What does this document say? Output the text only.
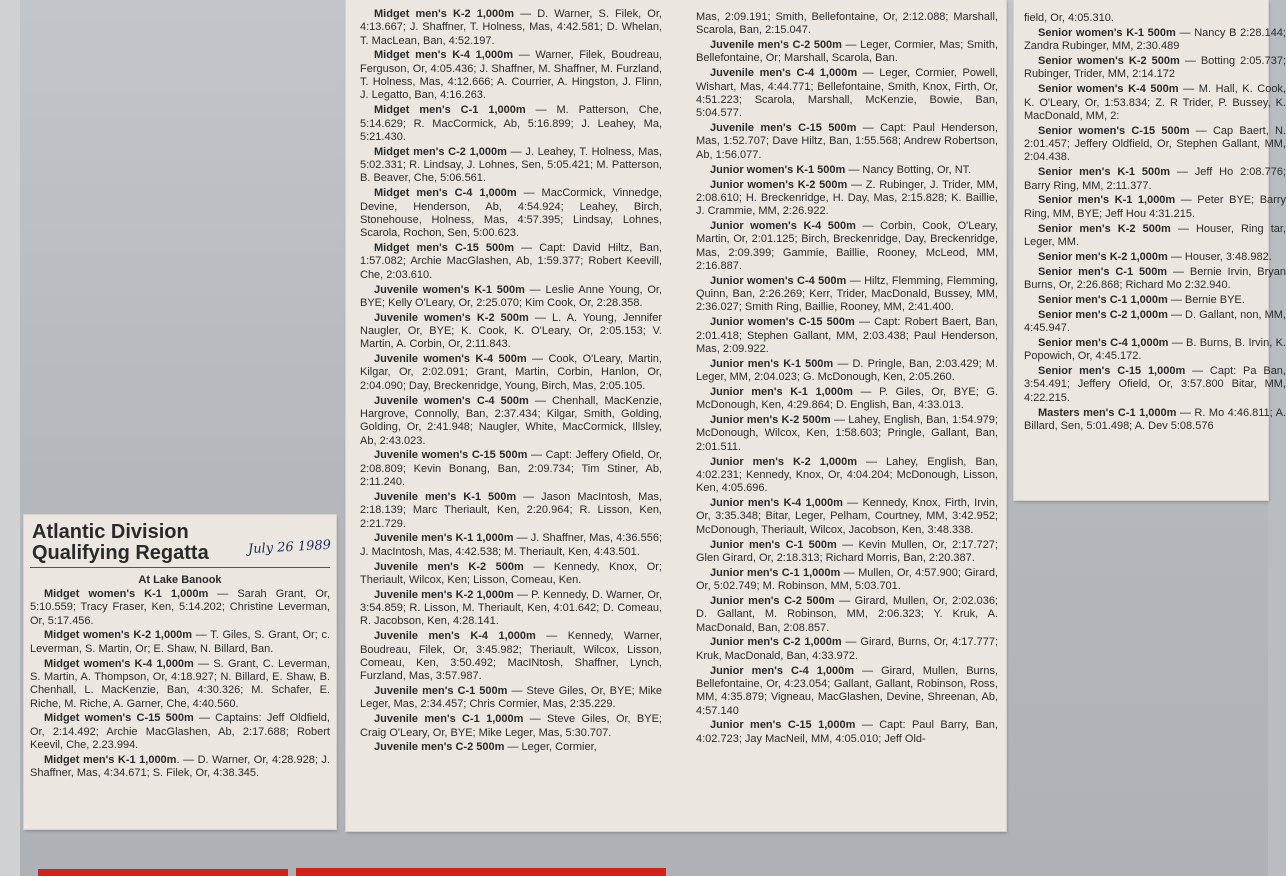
Atlantic Division
Qualifying Regatta	July 26 1989
At Lake Banook

Midget women's K-1 1,000m — Sarah Grant, Or, 5:10.559; Tracy Fraser, Ken, 5:14.202; Christine Leverman, Or, 5:17.456.

Midget women's K-2 1,000m — T. Giles, S. Grant, Or; c. Leverman, S. Martin, Or; E. Shaw, N. Billard, Ban.

Midget women's K-4 1,000m — S. Grant, C. Leverman, S. Martin, A. Thompson, Or, 4:18.927; N. Billard, E. Shaw, B. Chenhall, L. MacKenzie, Ban, 4:30.326; M. Schafer, E. Riche, M. Riche, A. Garner, Che, 4:40.560.

Midget women's C-15 500m — Captains: Jeff Oldfield, Or, 2:14.492; Archie MacGlashen, Ab, 2:17.688; Robert Keevil, Che, 2.23.994.

Midget men's K-1 1,000m. — D. Warner, Or, 4:28.928; J. Shaffner, Mas, 4:34.671; S. Filek, Or, 4:38.345.

Midget men's K-2 1,000m — D. Warner, S. Filek, Or, 4:13.667; J. Shaffner, T. Holness, Mas, 4:42.581; D. Whelan, T. MacLean, Ban, 4:52.197.

Midget men's K-4 1,000m — Warner, Filek, Boudreau, Ferguson, Or, 4:05.436; J. Shaffner, M. Shaffner, M. Furzland, T. Holness, Mas, 4:12.666; A. Courrier, A. Hingston, J. Flinn, J. Legatto, Ban, 4:16.263.

Midget men's C-1 1,000m — M. Patterson, Che, 5:14.629; R. MacCormick, Ab, 5:16.899; J. Leahey, Ma, 5:21.430.

Midget men's C-2 1,000m — J. Leahey, T. Holness, Mas, 5:02.331; R. Lindsay, J. Lohnes, Sen, 5:05.421; M. Patterson, B. Beaver, Che, 5:06.561.

Midget men's C-4 1,000m — MacCormick, Vinnedge, Devine, Henderson, Ab, 4:54.924; Leahey, Birch, Stonehouse, Holness, Mas, 4:57.395; Lindsay, Lohnes, Scarola, Rochon, Sen, 5:00.623.

Midget men's C-15 500m — Capt: David Hiltz, Ban, 1:57.082; Archie MacGlashen, Ab, 1:59.377; Robert Keevill, Che, 2:03.610.

Juvenile women's K-1 500m — Leslie Anne Young, Or, BYE; Kelly O'Leary, Or, 2:25.070; Kim Cook, Or, 2:28.358.

Juvenile women's K-2 500m — L. A. Young, Jennifer Naugler, Or, BYE; K. Cook, K. O'Leary, Or, 2:05.153; V. Martin, A. Corbin, Or, 2:11.843.

Juvenile women's K-4 500m — Cook, O'Leary, Martin, Kilgar, Or, 2:02.091; Grant, Martin, Corbin, Hanlon, Or, 2:04.090; Day, Breckenridge, Young, Birch, Mas, 2:05.105.

Juvenile women's C-4 500m — Chenhall, MacKenzie, Hargrove, Connolly, Ban, 2:37.434; Kilgar, Smith, Golding, Golding, Or, 2:41.948; Naugler, White, MacCormick, Illsley, Ab, 2:43.023.

Juvenile women's C-15 500m — Capt: Jeffery Ofield, Or, 2:08.809; Kevin Bonang, Ban, 2:09.734; Tim Stiner, Ab, 2:11.240.

Juvenile men's K-1 500m — Jason MacIntosh, Mas, 2:18.139; Marc Theriault, Ken, 2:20.964; R. Lisson, Ken, 2:21.729.

Juvenile men's K-1 1,000m — J. Shaffner, Mas, 4:36.556; J. MacIntosh, Mas, 4:42.538; M. Theriault, Ken, 4:43.501.

Juvenile men's K-2 500m — Kennedy, Knox, Or; Theriault, Wilcox, Ken; Lisson, Comeau, Ken.

Juvenile men's K-2 1,000m — P. Kennedy, D. Warner, Or, 3:54.859; R. Lisson, M. Theriault, Ken, 4:01.642; D. Comeau, R. Jacobson, Ken, 4:28.141.

Juvenile men's K-4 1,000m — Kennedy, Warner, Boudreau, Filek, Or, 3:45.982; Theriault, Wilcox, Lisson, Comeau, Ken, 3:50.492; MacINtosh, Shaffner, Lynch, Furzland, Mas, 3:57.987.

Juvenile men's C-1 500m — Steve Giles, Or, BYE; Mike Leger, Mas, 2:34.457; Chris Cormier, Mas, 2:35.229.

Juvenile men's C-1 1,000m — Steve Giles, Or, BYE; Craig O'Leary, Or, BYE; Mike Leger, Mas, 5:30.707.

Juvenile men's C-2 500m — Leger, Cormier,

Mas, 2:09.191; Smith, Bellefontaine, Or, 2:12.088; Marshall, Scarola, Ban, 2:15.047.

Juvenile men's C-2 500m — Leger, Cormier, Mas; Smith, Bellefontaine, Or; Marshall, Scarola, Ban.

Juvenile men's C-4 1,000m — Leger, Cormier, Powell, Wishart, Mas, 4:44.771; Bellefontaine, Smith, Knox, Firth, Or, 4:51.223; Scarola, Marshall, McKenzie, Bowie, Ban, 5:04.577.

Juvenile men's C-15 500m — Capt: Paul Henderson, Mas, 1:52.707; Dave Hiltz, Ban, 1:55.568; Andrew Robertson, Ab, 1:56.077.

Junior women's K-1 500m — Nancy Botting, Or, NT.

Junior women's K-2 500m — Z. Rubinger, J. Trider, MM, 2:08.610; H. Breckenridge, H. Day, Mas, 2:15.828; K. Baillie, J. Crammie, MM, 2:26.922.

Junior women's K-4 500m — Corbin, Cook, O'Leary, Martin, Or, 2:01.125; Birch, Breckenridge, Day, Breckenridge, Mas, 2:09.399; Gammie, Baillie, Rooney, McLeod, MM, 2:16.887.

Junior women's C-4 500m — Hiltz, Flemming, Flemming, Quinn, Ban, 2:26.269; Kerr, Trider, MacDonald, Bussey, MM, 2:36.027; Smith Ring, Baillie, Rooney, MM, 2:41.400.

Junior women's C-15 500m — Capt: Robert Baert, Ban, 2:01.418; Stephen Gallant, MM, 2:03.438; Paul Henderson, Mas, 2:09.922.

Junior men's K-1 500m — D. Pringle, Ban, 2:03.429; M. Leger, MM, 2:04.023; G. McDonough, Ken, 2:05.260.

Junior men's K-1 1,000m — P. Giles, Or, BYE; G. McDonough, Ken, 4:29.864; D. English, Ban, 4:33.013.

Junior men's K-2 500m — Lahey, English, Ban, 1:54.979; McDonough, Wilcox, Ken, 1:58.603; Pringle, Gallant, Ban, 2:01.511.

Junior men's K-2 1,000m — Lahey, English, Ban, 4:02.231; Kennedy, Knox, Or, 4:04.204; McDonough, Lisson, Ken, 4:05.696.

Junior men's K-4 1,000m — Kennedy, Knox, Firth, Irvin, Or, 3:35.348; Bitar, Leger, Pelham, Courtney, MM, 3:42.952; McDonough, Theriault, Wilcox, Jacobson, Ken, 3:48.338.

Junior men's C-1 500m — Kevin Mullen, Or, 2:17.727; Glen Girard, Or, 2:18.313; Richard Morris, Ban, 2:20.387.

Junior men's C-1 1,000m — Mullen, Or, 4:57.900; Girard, Or, 5:02.749; M. Robinson, MM, 5:03.701.

Junior men's C-2 500m — Girard, Mullen, Or, 2:02.036; D. Gallant, M. Robinson, MM, 2:06.323; Y. Kruk, A. MacDonald, Ban, 2:08.857.

Junior men's C-2 1,000m — Girard, Burns, Or, 4:17.777; Kruk, MacDonald, Ban, 4:33.972.

Junior men's C-4 1,000m — Girard, Mullen, Burns, Bellefontaine, Or, 4:23.054; Gallant, Gallant, Robinson, Ross, MM, 4:35.879; Vigneau, MacGlashen, Devine, Shreenan, Ab, 4:57.140

Junior men's C-15 1,000m — Capt: Paul Barry, Ban, 4:02.723; Jay MacNeil, MM, 4:05.010; Jeff Old-

field, Or, 4:05.310.

Senior women's K-1 500m — Nancy B 2:28.144; Zandra Rubinger, MM, 2:30.489

Senior women's K-2 500m — Botting 2:05.737; Rubinger, Trider, MM, 2:14.172

Senior women's K-4 500m — M. Hall, K. Cook, K. O'Leary, Or, 1:53.834; Z. R Trider, P. Bussey, K. MacDonald, MM, 2:

Senior women's C-15 500m — Cap Baert, N. 2:01.457; Jeffery Oldfield, Or, Stephen Gallant, MM, 2:04.438.

Senior men's K-1 500m — Jeff Ho 2:08.776; Barry Ring, MM, 2:11.377.

Senior men's K-1 1,000m — Peter BYE; Barry Ring, MM, BYE; Jeff Hou 4:31.215.

Senior men's K-2 500m — Houser, Ring tar, Leger, MM.

Senior men's K-2 1,000m — Houser, 3:48.982.

Senior men's C-1 500m — Bernie Irvin, Bryan Burns, Or, 2:26.868; Richard Mo 2:32.940.

Senior men's C-1 1,000m — Bernie BYE.

Senior men's C-2 1,000m — D. Gallant, non, MM, 4:45.947.

Senior men's C-4 1,000m — B. Burns, B. Irvin, K. Popowich, Or, 4:45.172.

Senior men's C-15 1,000m — Capt: Pa Ban, 3:54.491; Jeffery Ofield, Or, 3:57.800 Bitar, MM, 4:22.215.

Masters men's C-1 1,000m — R. Mo 4:46.811; A. Billard, Sen, 5:01.498; A. Dev 5:08.576
